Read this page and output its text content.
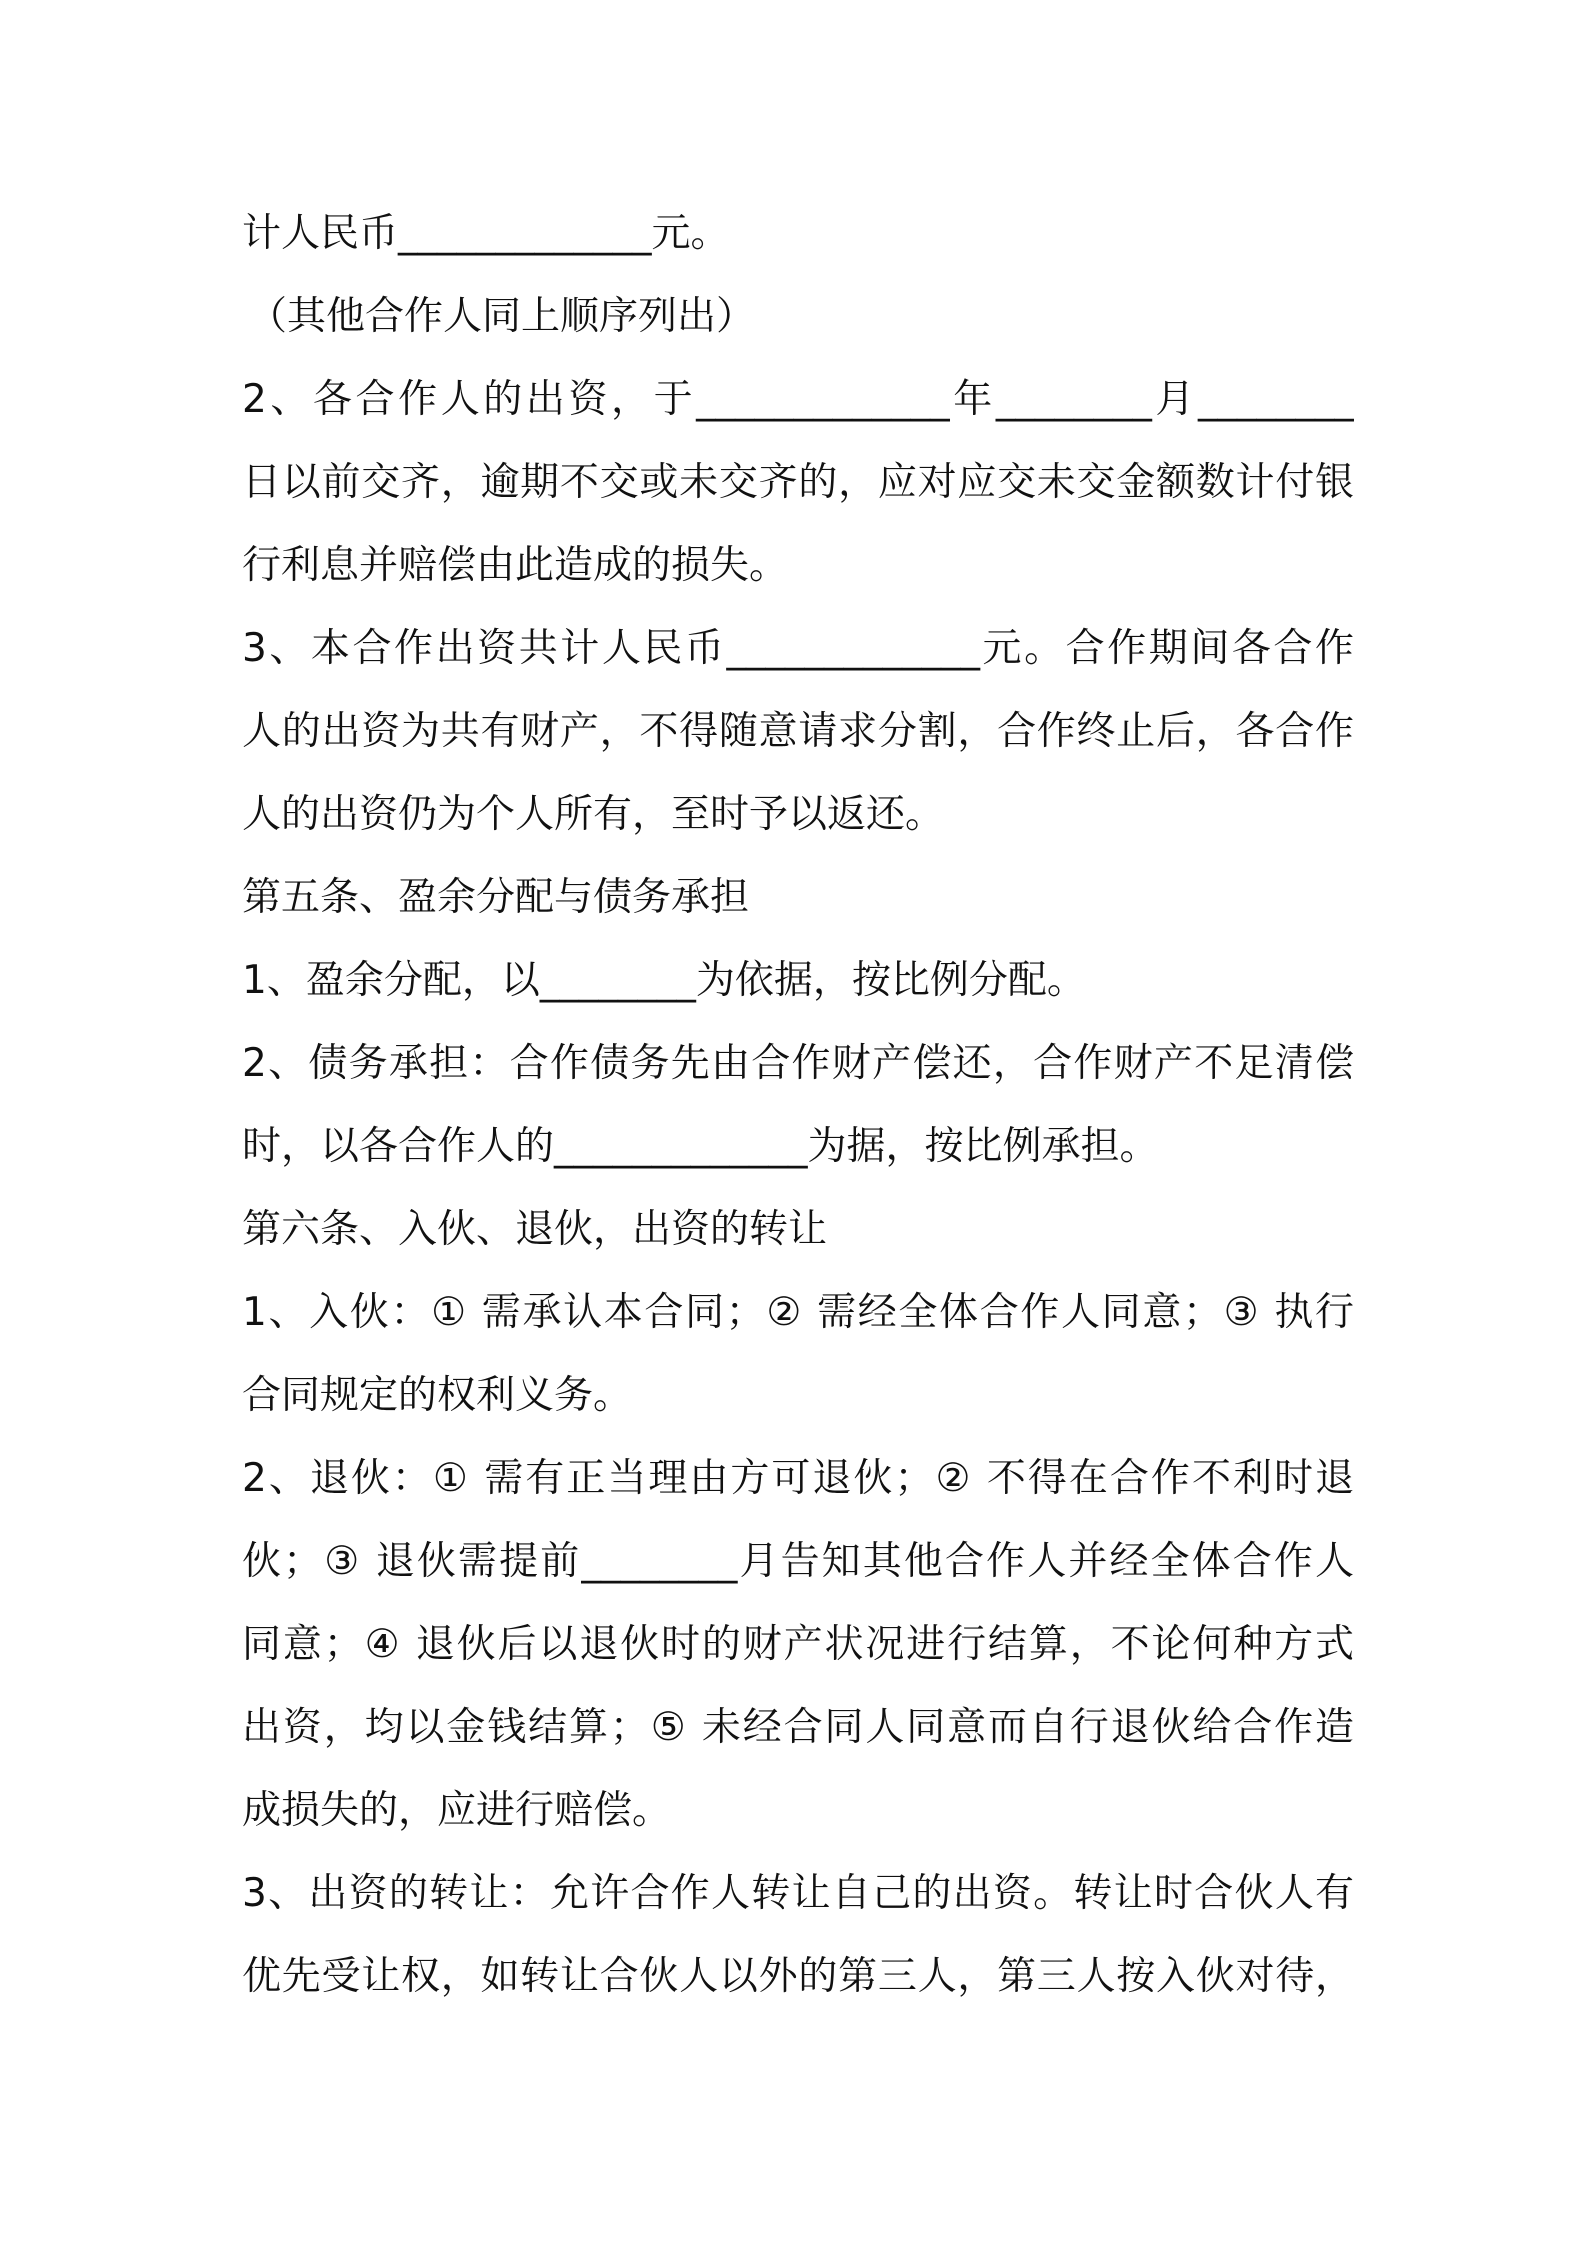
计人民币_____________元。
（其他合作人同上顺序列出）
2、各合作人的出资，于_____________年________月________
日以前交齐，逾期不交或未交齐的，应对应交未交金额数计付银
行利息并赔偿由此造成的损失。
3、本合作出资共计人民币_____________元。合作期间各合作
人的出资为共有财产，不得随意请求分割，合作终止后，各合作
人的出资仍为个人所有，至时予以返还。
第五条、盈余分配与债务承担
1、盈余分配，以________为依据，按比例分配。
2、债务承担：合作债务先由合作财产偿还，合作财产不足清偿
时，以各合作人的_____________为据，按比例承担。
第六条、入伙、退伙，出资的转让
1、入伙：① 需承认本合同；② 需经全体合作人同意；③ 执行
合同规定的权利义务。
2、退伙：① 需有正当理由方可退伙；② 不得在合作不利时退
伙；③ 退伙需提前________月告知其他合作人并经全体合作人
同意；④ 退伙后以退伙时的财产状况进行结算，不论何种方式
出资，均以金钱结算；⑤ 未经合同人同意而自行退伙给合作造
成损失的，应进行赔偿。
3、出资的转让：允许合作人转让自己的出资。转让时合伙人有
优先受让权，如转让合伙人以外的第三人，第三人按入伙对待，
